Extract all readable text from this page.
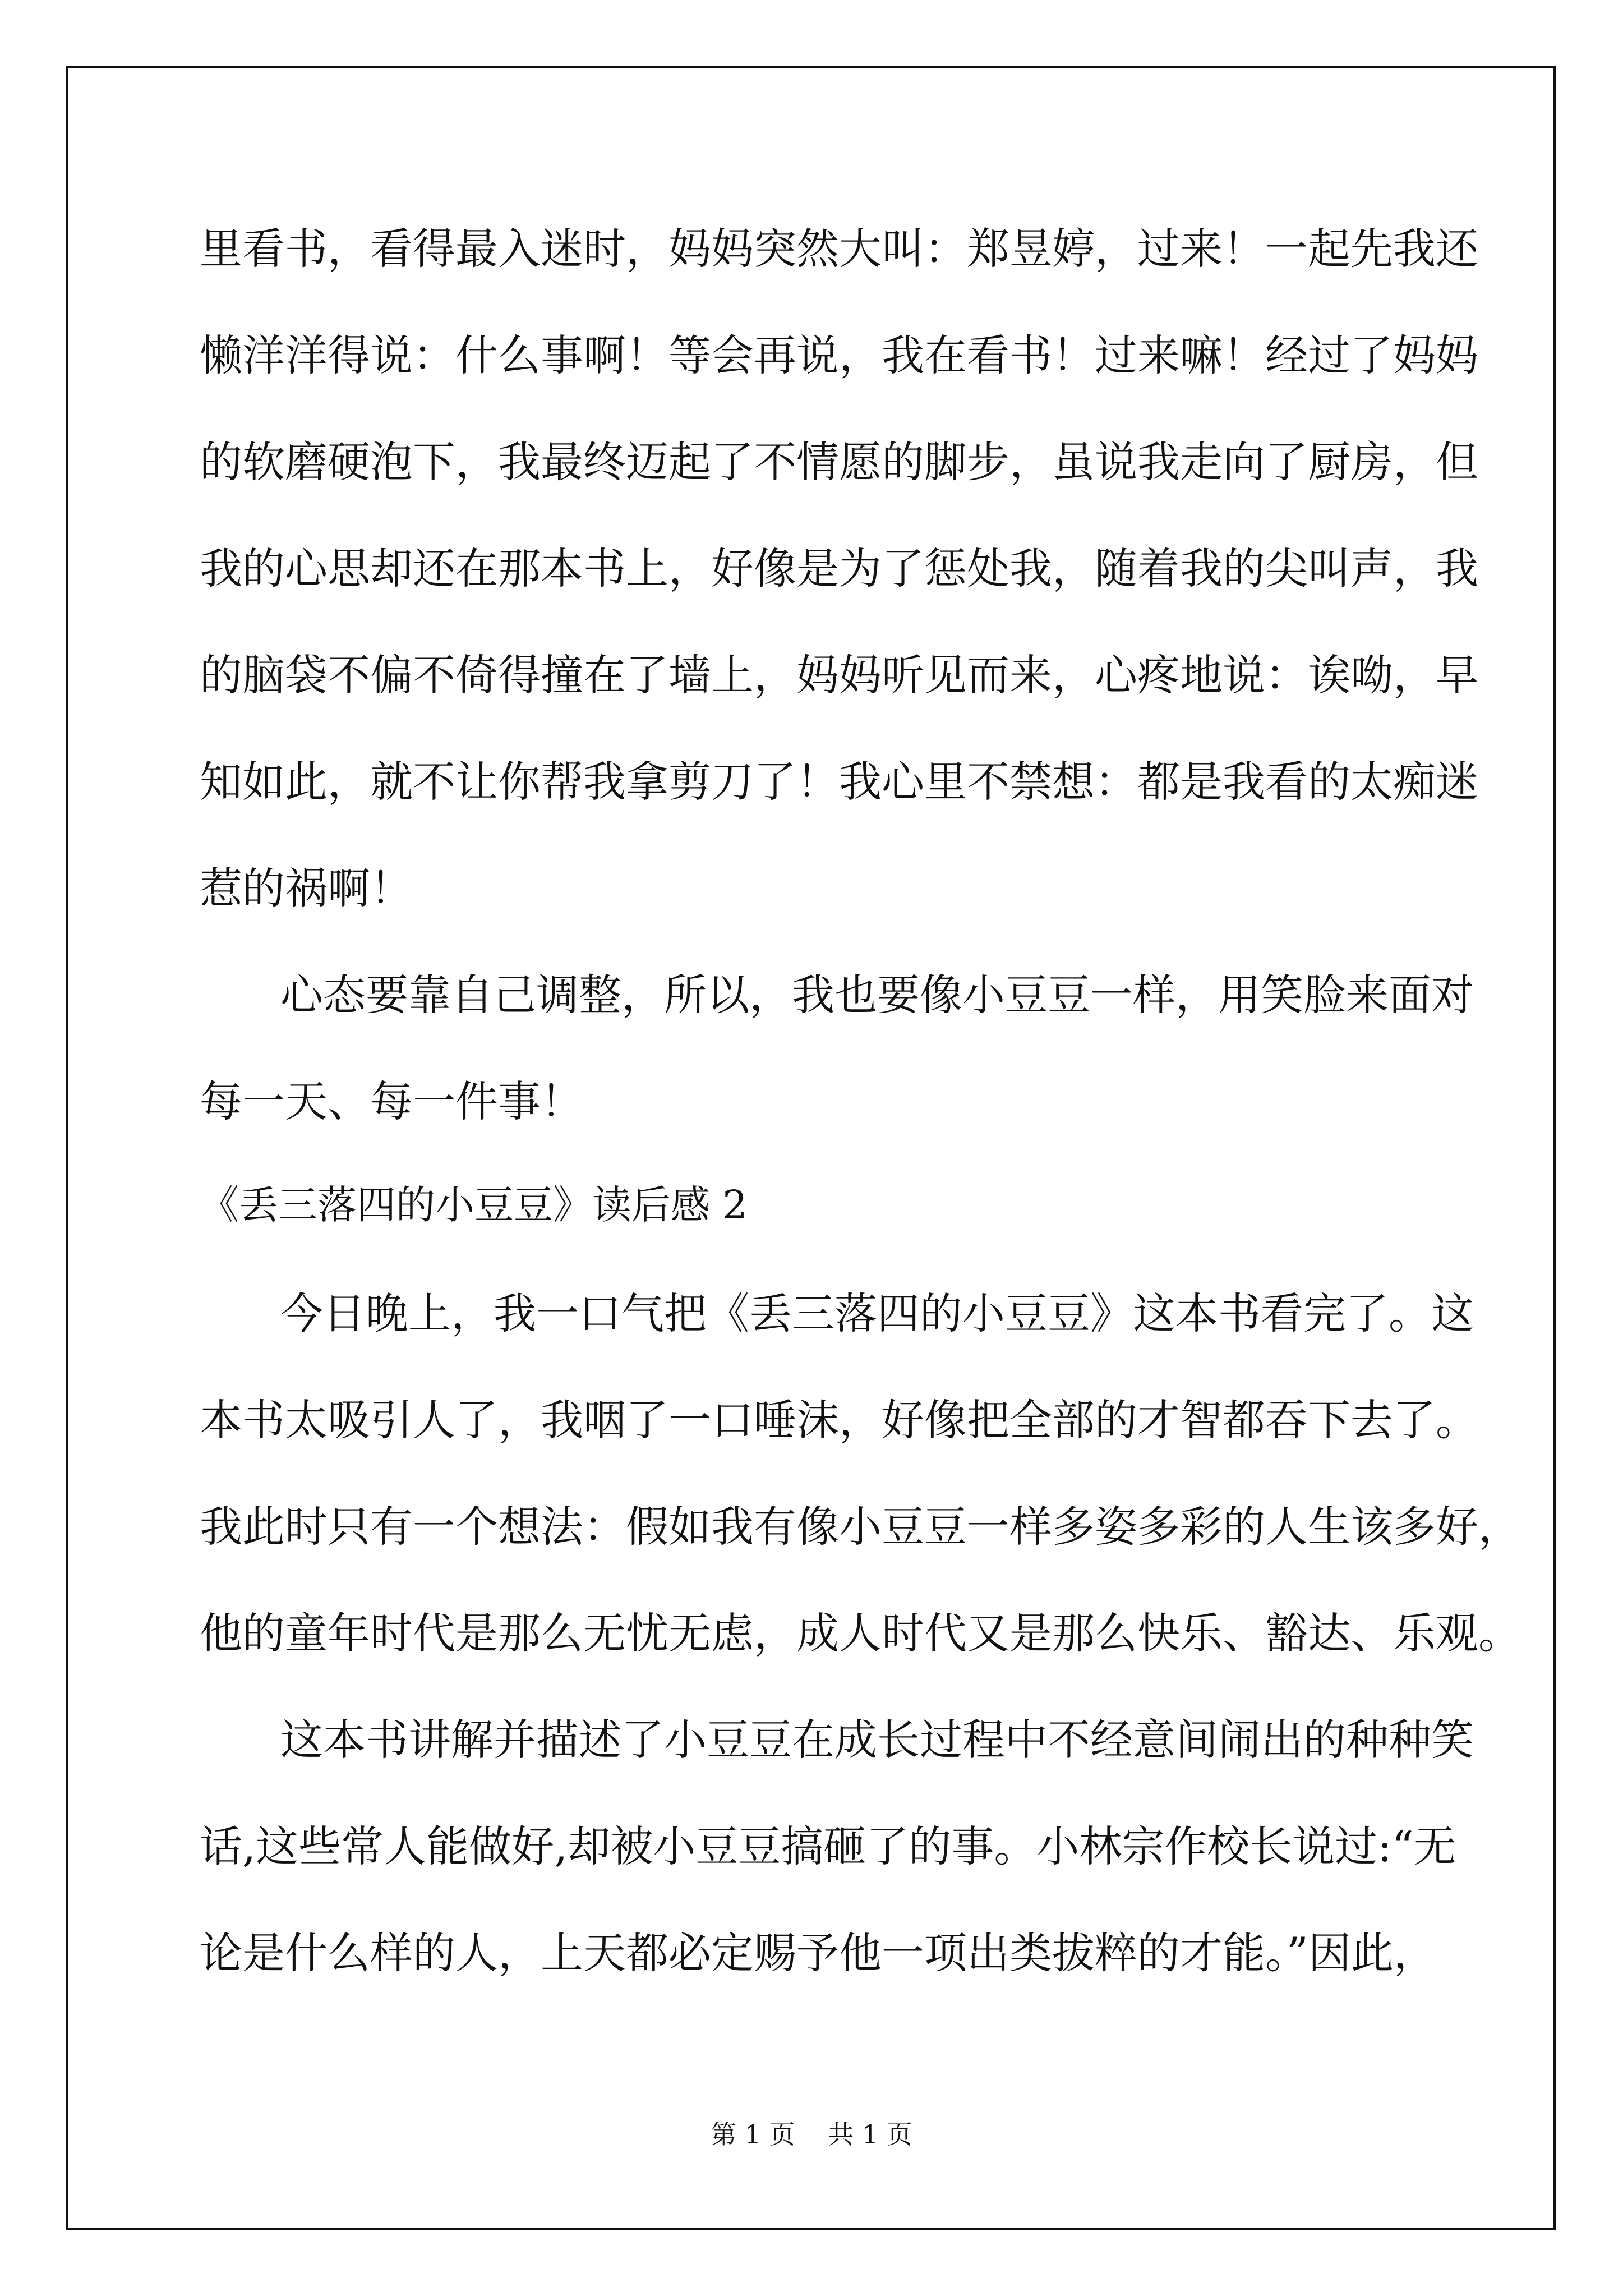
里看书，看得最入迷时，妈妈突然大叫：郑昱婷，过来！一起先我还

懒洋洋得说：什么事啊！等会再说，我在看书！过来嘛！经过了妈妈

的软磨硬泡下，我最终迈起了不情愿的脚步，虽说我走向了厨房，但

我的心思却还在那本书上，好像是为了惩处我，随着我的尖叫声，我

的脑袋不偏不倚得撞在了墙上，妈妈听见而来，心疼地说：诶呦，早

知如此，就不让你帮我拿剪刀了！我心里不禁想：都是我看的太痴迷

惹的祸啊！

心态要靠自己调整，所以，我也要像小豆豆一样，用笑脸来面对

每一天、每一件事！

《丢三落四的小豆豆》读后感 2

今日晚上，我一口气把《丢三落四的小豆豆》这本书看完了。这

本书太吸引人了，我咽了一口唾沫，好像把全部的才智都吞下去了。

我此时只有一个想法：假如我有像小豆豆一样多姿多彩的人生该多好，

他的童年时代是那么无忧无虑，成人时代又是那么快乐、豁达、乐观。

这本书讲解并描述了小豆豆在成长过程中不经意间闹出的种种笑

话,这些常人能做好,却被小豆豆搞砸了的事。小林宗作校长说过:“无

论是什么样的人，上天都必定赐予他一项出类拔粹的才能。”因此，

第 1 页    共 1 页
